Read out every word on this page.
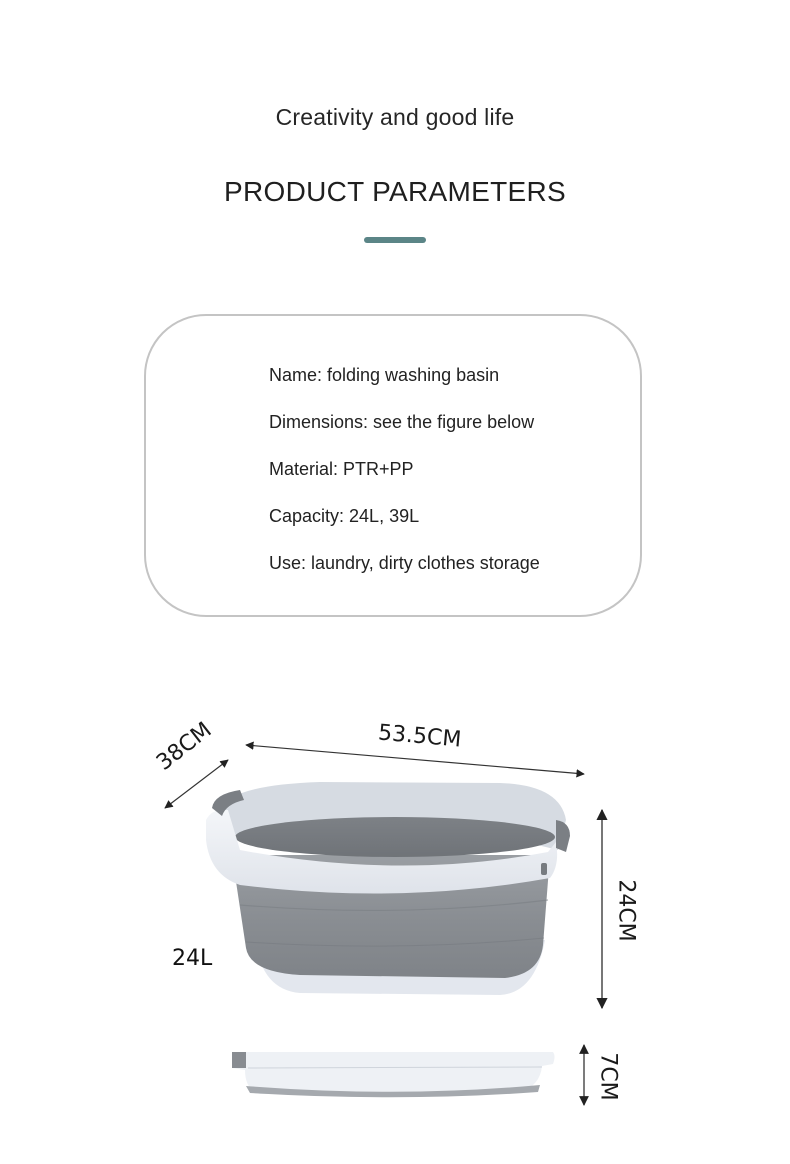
Creativity and good life
PRODUCT PARAMETERS
Name: folding washing basin
Dimensions: see the figure below
Material: PTR+PP
Capacity: 24L, 39L
Use: laundry, dirty clothes storage
53.5CM
38CM
24CM
7CM
24L
